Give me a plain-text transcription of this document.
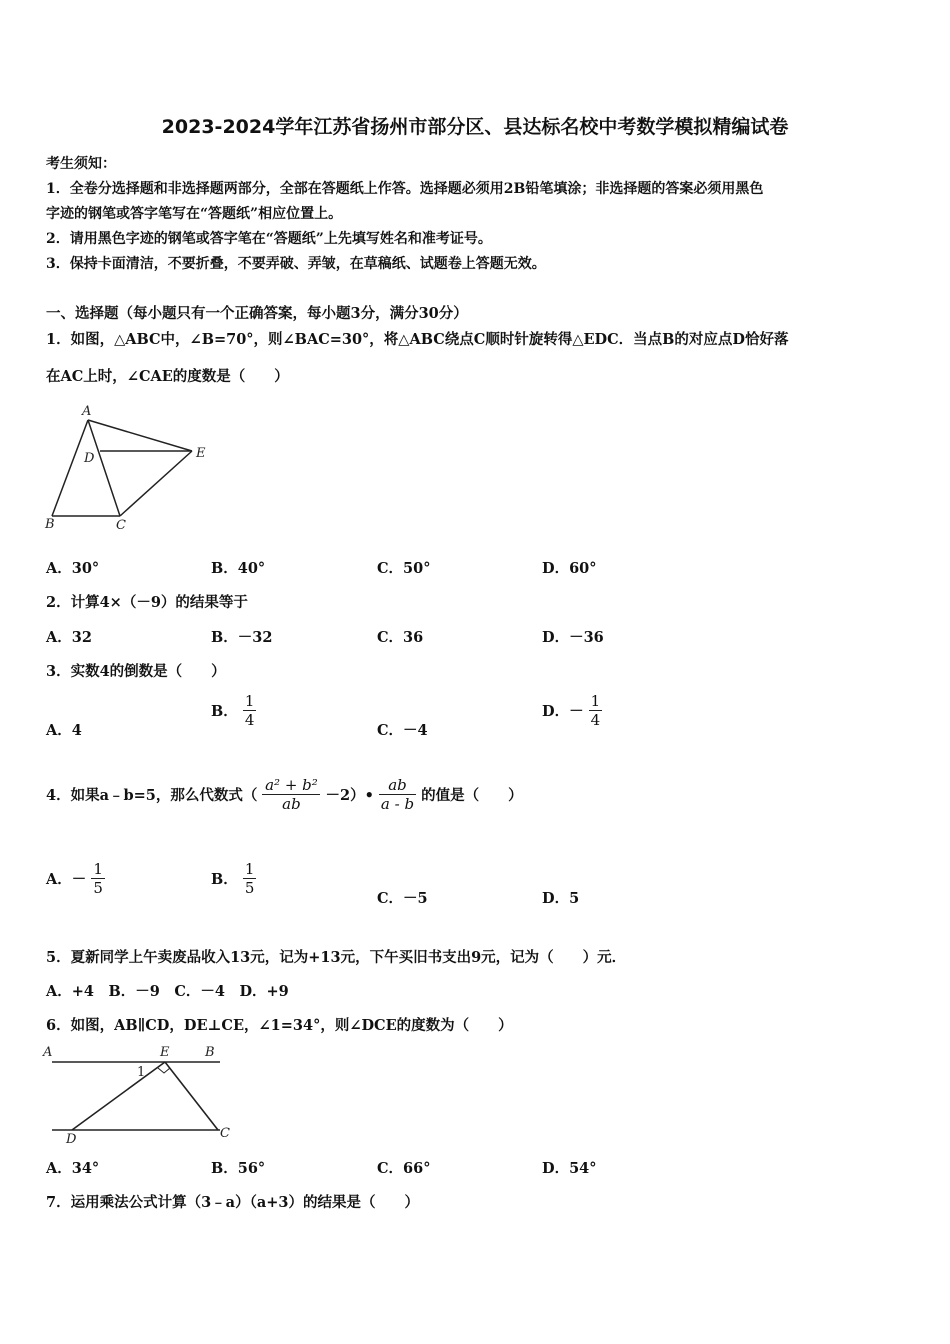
2023-2024学年江苏省扬州市部分区、县达标名校中考数学模拟精编试卷
考生须知：
1．全卷分选择题和非选择题两部分，全部在答题纸上作答。选择题必须用2B铅笔填涂；非选择题的答案必须用黑色
字迹的钢笔或答字笔写在“答题纸”相应位置上。
2．请用黑色字迹的钢笔或答字笔在“答题纸”上先填写姓名和准考证号。
3．保持卡面清洁，不要折叠，不要弄破、弄皱，在草稿纸、试题卷上答题无效。
一、选择题（每小题只有一个正确答案，每小题3分，满分30分）
1．如图，△ABC中，∠B=70°，则∠BAC=30°，将△ABC绕点C顺时针旋转得△EDC．当点B的对应点D恰好落
在AC上时，∠CAE的度数是（　　）
A
D	E
B	C
A．30°	B．40°	C．50°	D．60°
2．计算4×（－9）的结果等于
A．32	B．－32	C．36	D．－36
3．实数4的倒数是（　　）
A．4
B． $\frac{1}{4}$
C．－4
D．－ $\frac{1}{4}$
4．如果a﹣b=5，那么代数式（ $\frac{\text{a² + b²}}{ab}$ －2）• $\frac{ab}{a - b}$ 的值是（　　）
A．－ $\frac{1}{5}$	B． $\frac{1}{5}$
C．－5	D．5
5．夏新同学上午卖废品收入13元，记为+13元，下午买旧书支出9元，记为（　　）元．
A．+4　B．－9　C．－4　D．+9
6．如图，AB∥CD，DE⊥CE，∠1=34°，则∠DCE的度数为（　　）
A	E	B
1
D	C
A．34°	B．56°	C．66°	D．54°
7．运用乘法公式计算（3﹣a）（a+3）的结果是（　　）
